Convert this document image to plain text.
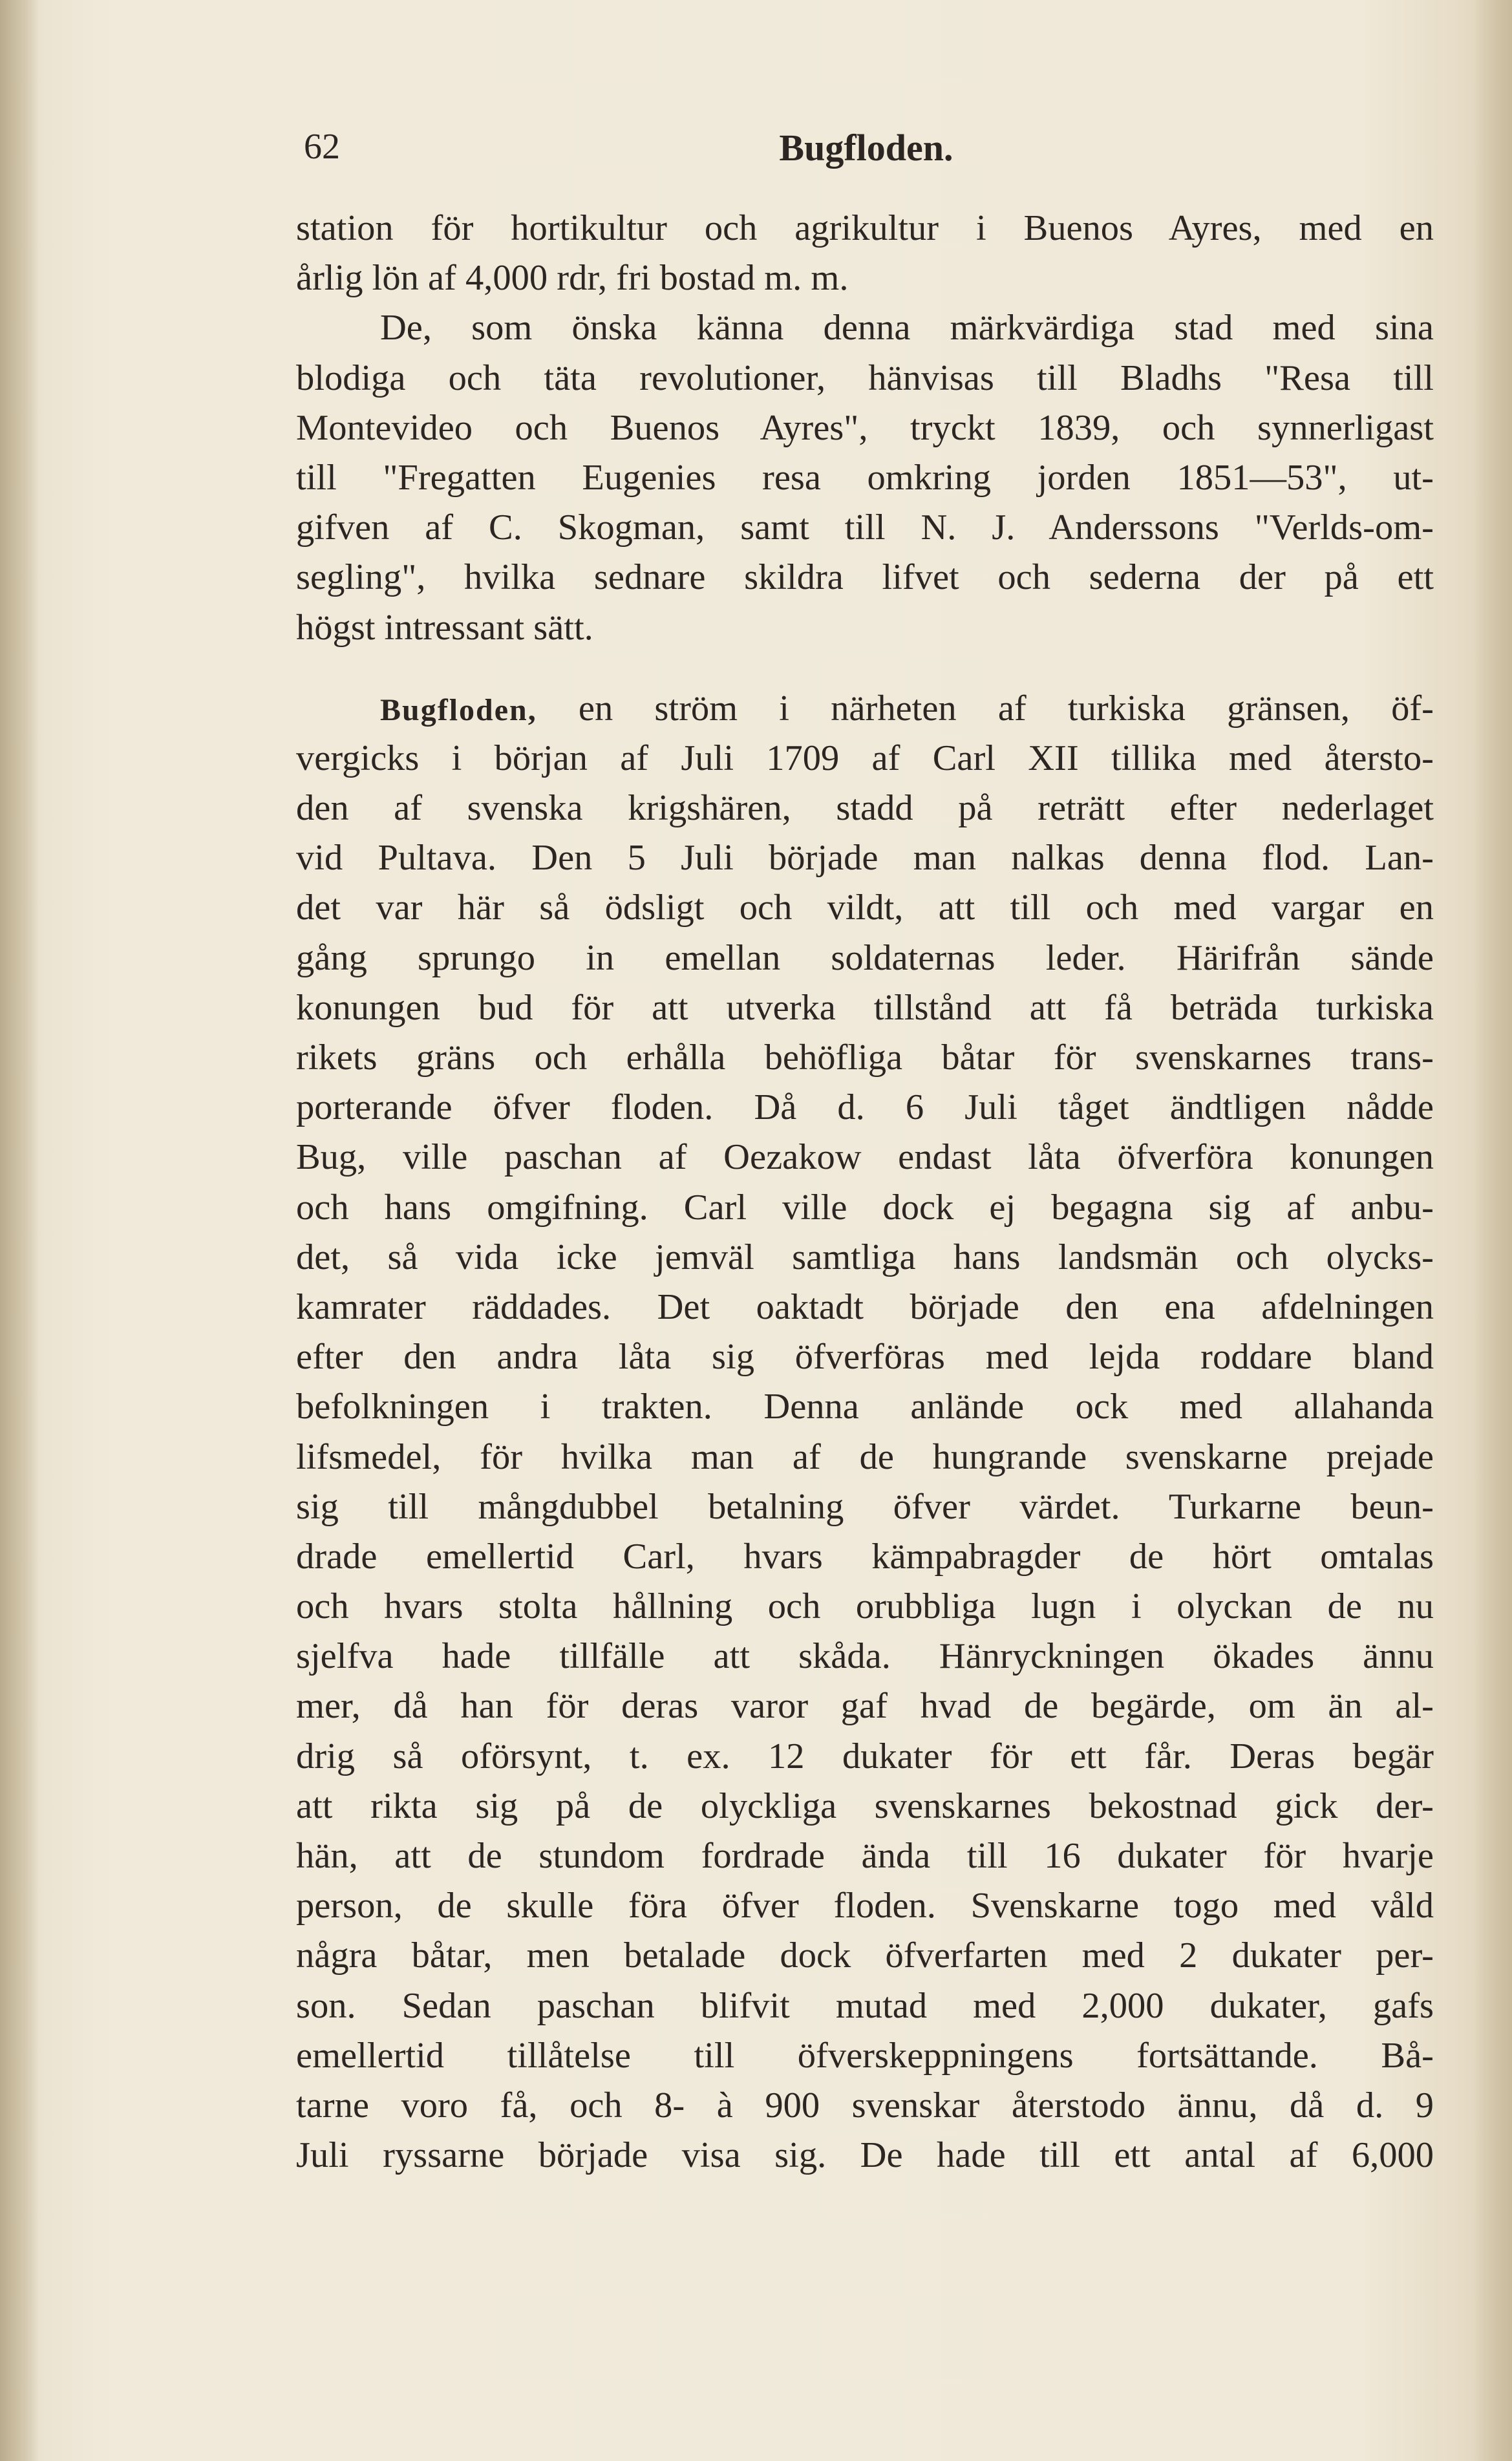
62	Bugfloden.
station för hortikultur och agrikultur i Buenos Ayres, med en
årlig lön af 4,000 rdr, fri bostad m. m.
De, som önska känna denna märkvärdiga stad med sina
blodiga och täta revolutioner, hänvisas till Bladhs "Resa till
Montevideo och Buenos Ayres", tryckt 1839, och synnerligast
till "Fregatten Eugenies resa omkring jorden 1851—53", ut-
gifven af C. Skogman, samt till N. J. Anderssons "Verlds-om-
segling", hvilka sednare skildra lifvet och sederna der på ett
högst intressant sätt.
Bugfloden, en ström i närheten af turkiska gränsen, öf-
vergicks i början af Juli 1709 af Carl XII tillika med återsto-
den af svenska krigshären, stadd på reträtt efter nederlaget
vid Pultava. Den 5 Juli började man nalkas denna flod. Lan-
det var här så ödsligt och vildt, att till och med vargar en
gång sprungo in emellan soldaternas leder. Härifrån sände
konungen bud för att utverka tillstånd att få beträda turkiska
rikets gräns och erhålla behöfliga båtar för svenskarnes trans-
porterande öfver floden. Då d. 6 Juli tåget ändtligen nådde
Bug, ville paschan af Oezakow endast låta öfverföra konungen
och hans omgifning. Carl ville dock ej begagna sig af anbu-
det, så vida icke jemväl samtliga hans landsmän och olycks-
kamrater räddades. Det oaktadt började den ena afdelningen
efter den andra låta sig öfverföras med lejda roddare bland
befolkningen i trakten. Denna anlände ock med allahanda
lifsmedel, för hvilka man af de hungrande svenskarne prejade
sig till mångdubbel betalning öfver värdet. Turkarne beun-
drade emellertid Carl, hvars kämpabragder de hört omtalas
och hvars stolta hållning och orubbliga lugn i olyckan de nu
sjelfva hade tillfälle att skåda. Hänryckningen ökades ännu
mer, då han för deras varor gaf hvad de begärde, om än al-
drig så oförsynt, t. ex. 12 dukater för ett får. Deras begär
att rikta sig på de olyckliga svenskarnes bekostnad gick der-
hän, att de stundom fordrade ända till 16 dukater för hvarje
person, de skulle föra öfver floden. Svenskarne togo med våld
några båtar, men betalade dock öfverfarten med 2 dukater per-
son. Sedan paschan blifvit mutad med 2,000 dukater, gafs
emellertid tillåtelse till öfverskeppningens fortsättande. Bå-
tarne voro få, och 8- à 900 svenskar återstodo ännu, då d. 9
Juli ryssarne började visa sig. De hade till ett antal af 6,000
